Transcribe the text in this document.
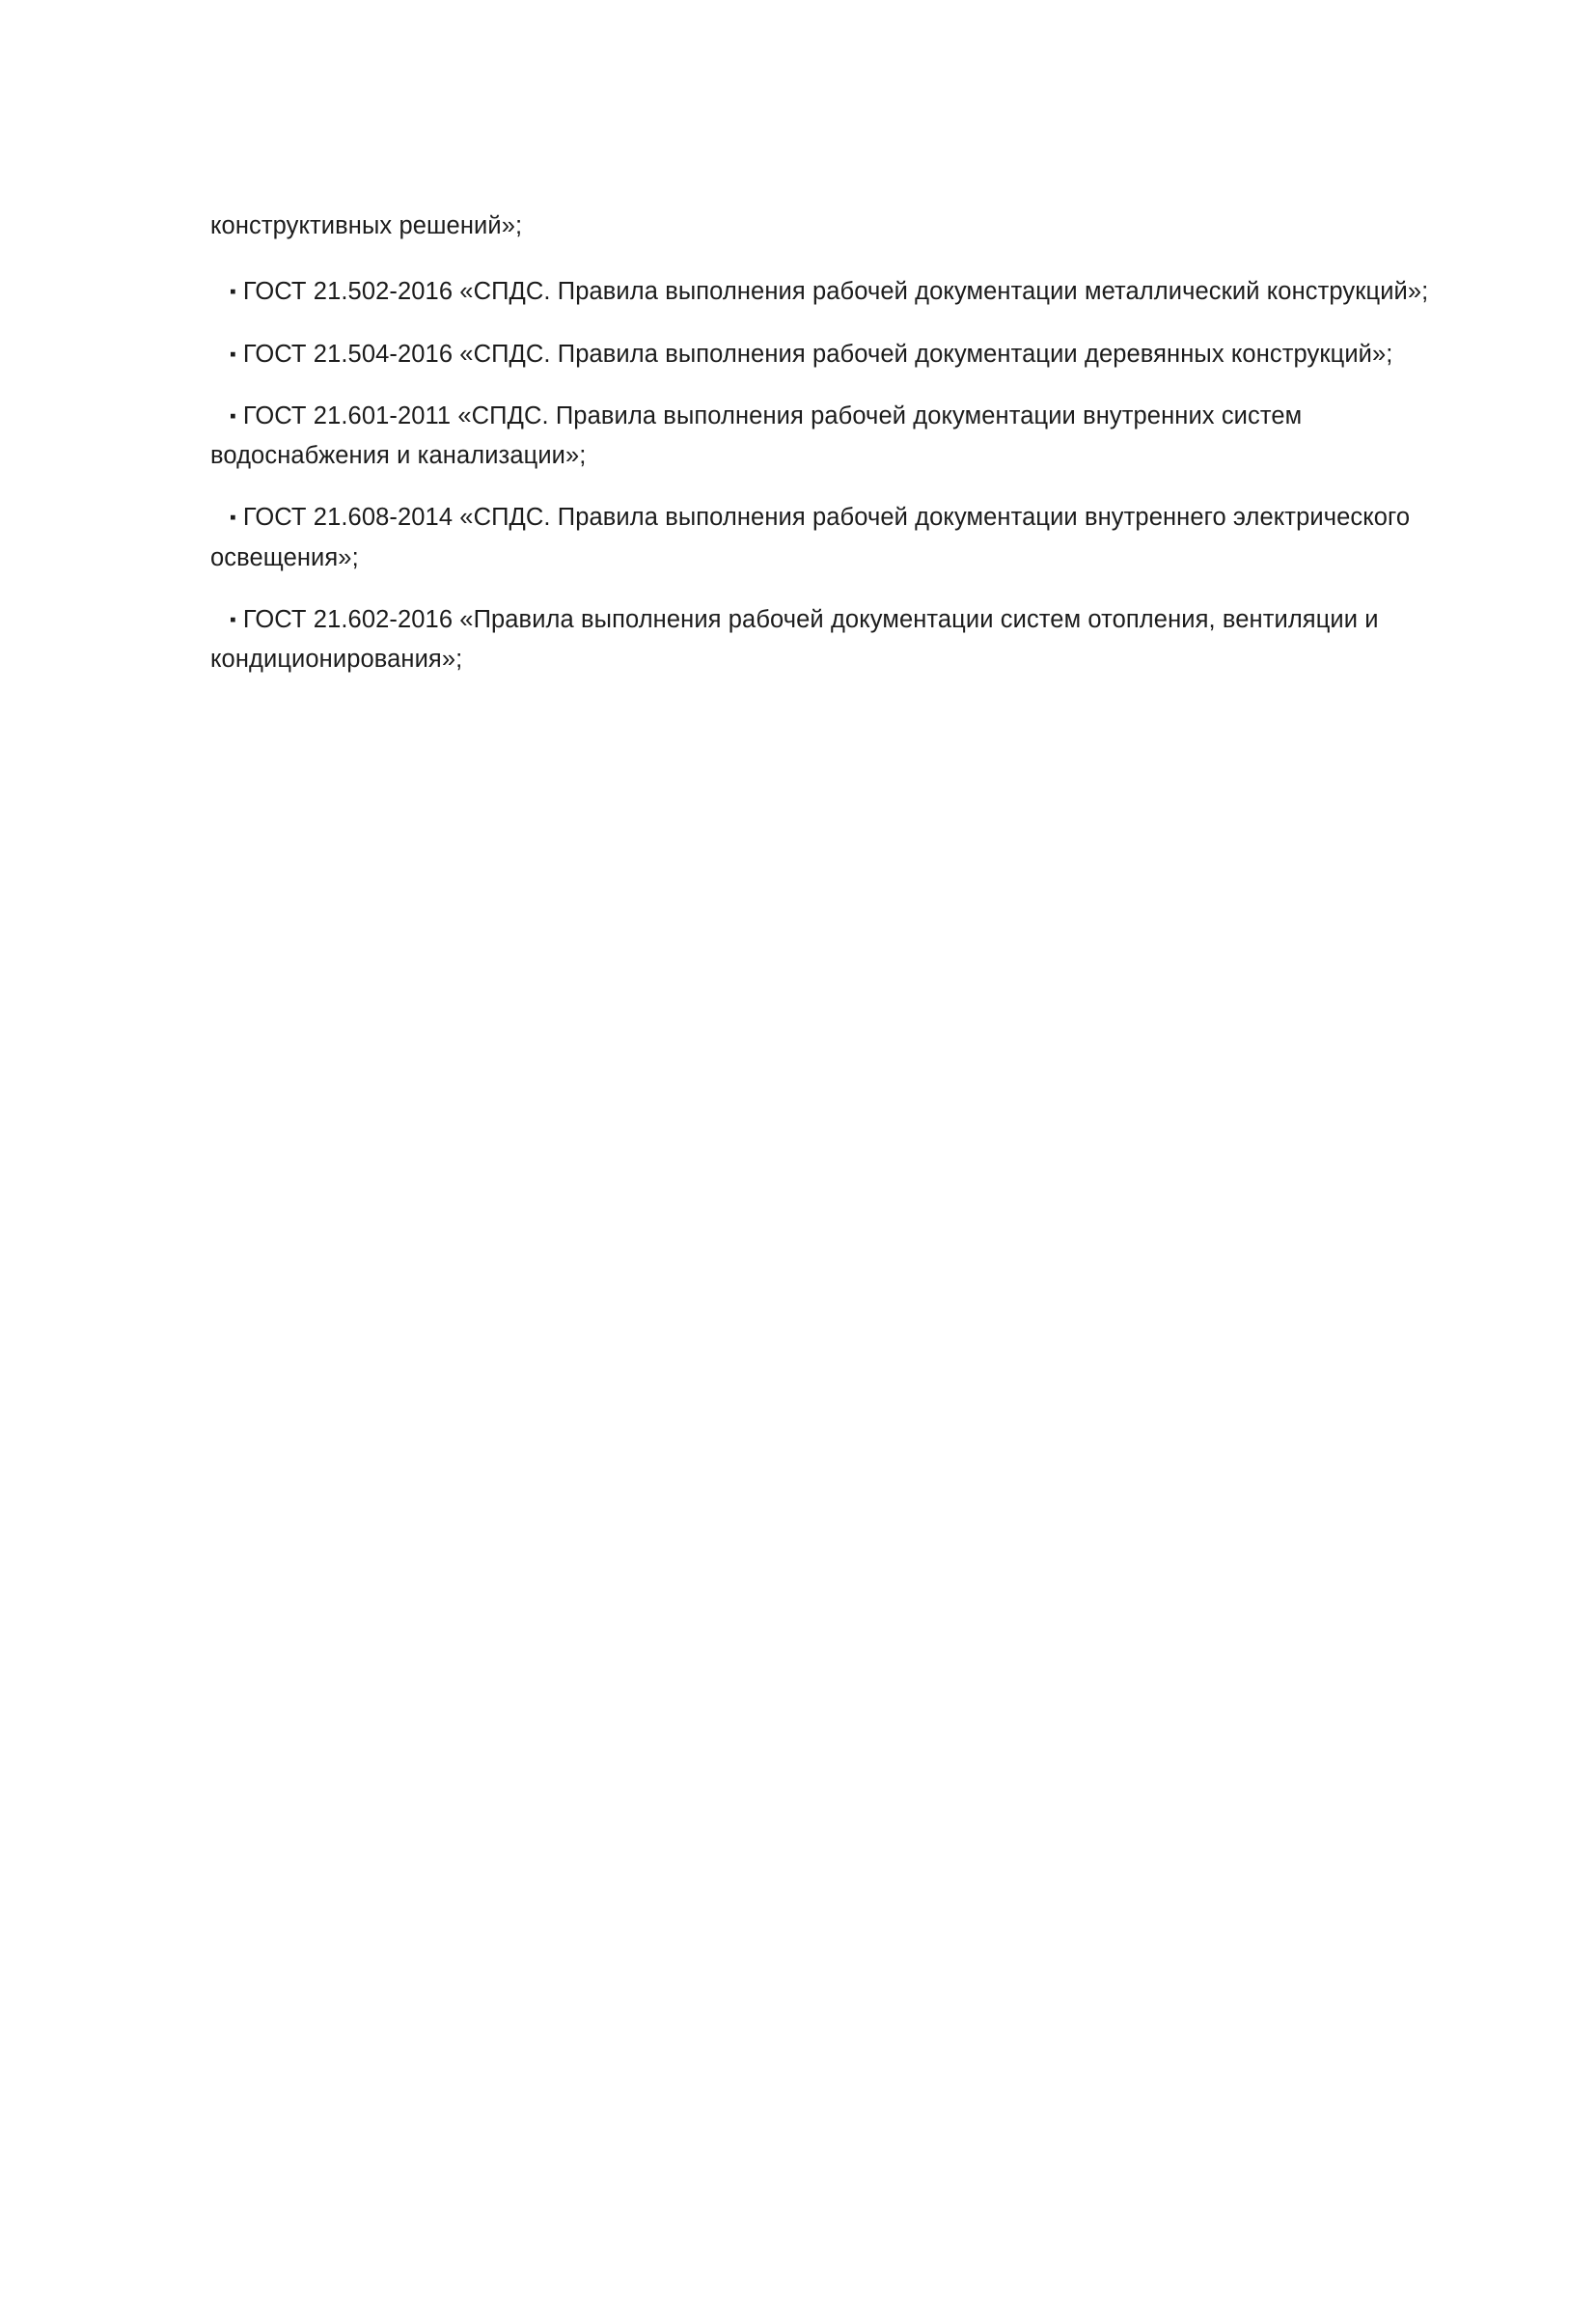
конструктивных решений»;

▪ ГОСТ 21.502-2016 «СПДС. Правила выполнения рабочей документации металлический конструкций»;

▪ ГОСТ 21.504-2016 «СПДС. Правила выполнения рабочей документации деревянных конструкций»;

▪ ГОСТ 21.601-2011 «СПДС. Правила выполнения рабочей документации внутренних систем водоснабжения и канализации»;

▪ ГОСТ 21.608-2014 «СПДС. Правила выполнения рабочей документации внутреннего электрического освещения»;

▪ ГОСТ 21.602-2016 «Правила выполнения рабочей документации систем отопления, вентиляции и кондиционирования»;
